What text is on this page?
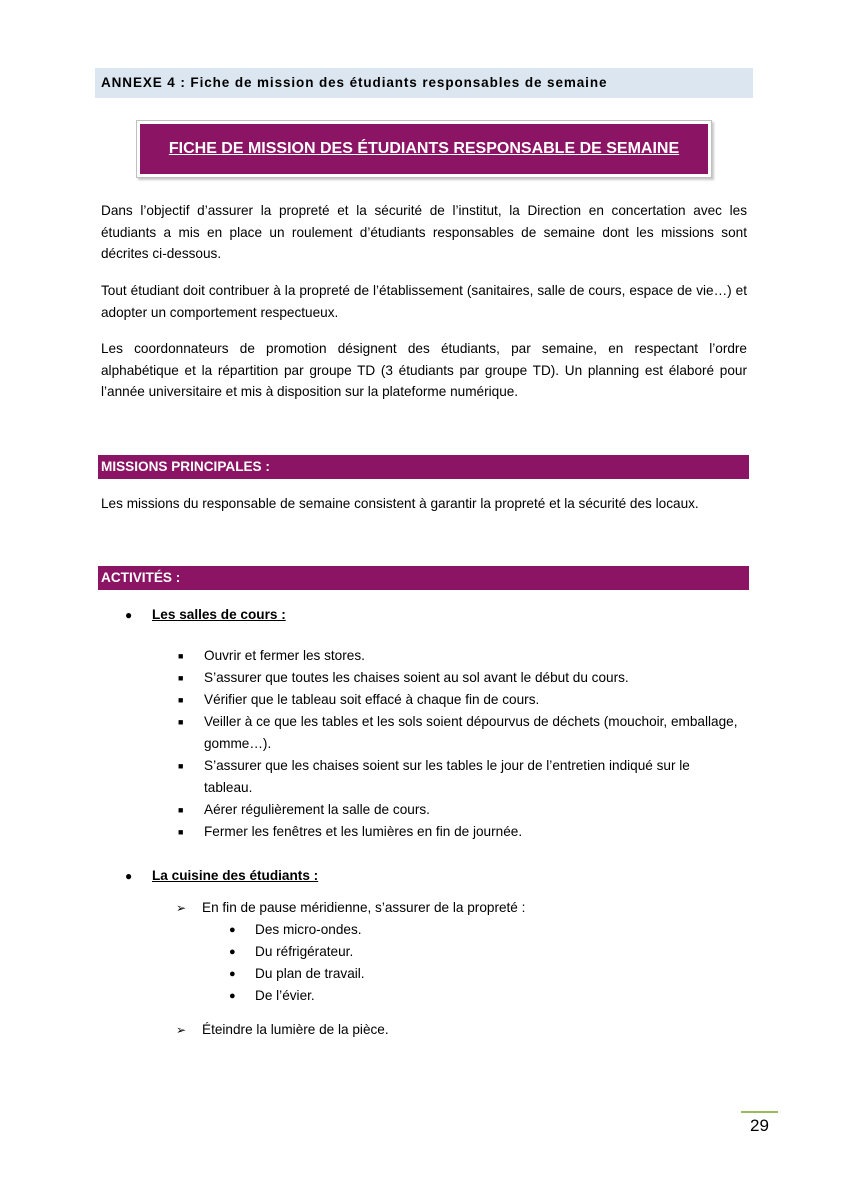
ANNEXE 4 : Fiche de mission des étudiants responsables de semaine
FICHE DE MISSION DES ÉTUDIANTS RESPONSABLE DE SEMAINE

Dans l’objectif d’assurer la propreté et la sécurité de l’institut, la Direction en concertation avec les étudiants a mis en place un roulement d’étudiants responsables de semaine dont les missions sont décrites ci-dessous.

Tout étudiant doit contribuer à la propreté de l’établissement (sanitaires, salle de cours, espace de vie…) et adopter un comportement respectueux.

Les coordonnateurs de promotion désignent des étudiants, par semaine, en respectant l’ordre alphabétique et la répartition par groupe TD (3 étudiants par groupe TD). Un planning est élaboré pour l’année universitaire et mis à disposition sur la plateforme numérique.

MISSIONS PRINCIPALES :

Les missions du responsable de semaine consistent à garantir la propreté et la sécurité des locaux.

ACTIVITÉS :
● Les salles de cours :
■ Ouvrir et fermer les stores.
■ S’assurer que toutes les chaises soient au sol avant le début du cours.
■ Vérifier que le tableau soit effacé à chaque fin de cours.
■ Veiller à ce que les tables et les sols soient dépourvus de déchets (mouchoir, emballage, gomme…).
■ S’assurer que les chaises soient sur les tables le jour de l’entretien indiqué sur le tableau.
■ Aérer régulièrement la salle de cours.
■ Fermer les fenêtres et les lumières en fin de journée.
● La cuisine des étudiants :
➢ En fin de pause méridienne, s’assurer de la propreté :
● Des micro-ondes.
● Du réfrigérateur.
● Du plan de travail.
● De l’évier.
➢ Éteindre la lumière de la pièce.
29
